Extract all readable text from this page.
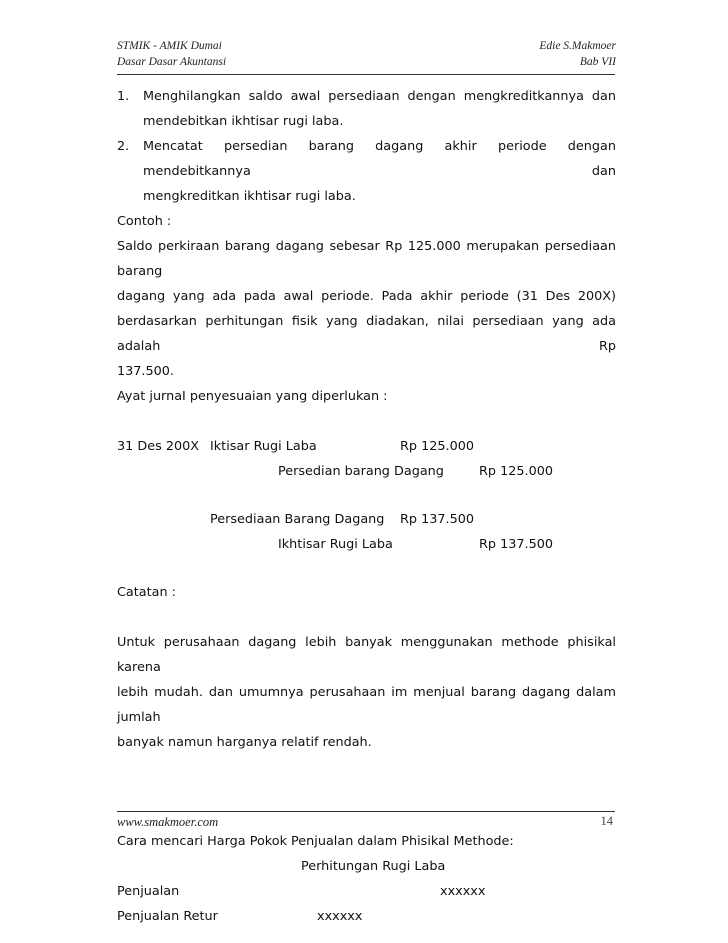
STMIK - AMIK Dumai
Dasar Dasar Akuntansi
Edie S.Makmoer
Bab VII
1.	Menghilangkan saldo awal persediaan dengan mengkreditkannya dan
mendebitkan ikhtisar rugi laba.
2.	Mencatat persedian barang dagang akhir periode dengan mendebitkannya dan
mengkreditkan ikhtisar rugi laba.

Contoh :

Saldo perkiraan barang dagang sebesar Rp 125.000 merupakan persediaan barang

dagang yang ada pada awal periode. Pada akhir periode (31 Des 200X)

berdasarkan perhitungan fisik yang diadakan, nilai persediaan yang ada adalah Rp

137.500.

Ayat jurnaI penyesuaian yang diperlukan :

31 Des 200X Iktisar Rugi Laba	Rp 125.000
Persedian barang Dagang	Rp 125.000
Persediaan Barang Dagang Rp 137.500
Ikhtisar Rugi Laba	Rp 137.500

Catatan :

Untuk perusahaan dagang lebih banyak menggunakan methode phisikal karena

lebih mudah. dan umumnya perusahaan im menjual barang dagang dalam jumlah

banyak namun harganya relatif rendah.

Cara mencari Harga Pokok Penjualan dalam Phisikal Methode:

Perhitungan Rugi Laba
Penjualan	xxxxxx
Penjualan Retur	xxxxxx
www.smakmoer.com	14
